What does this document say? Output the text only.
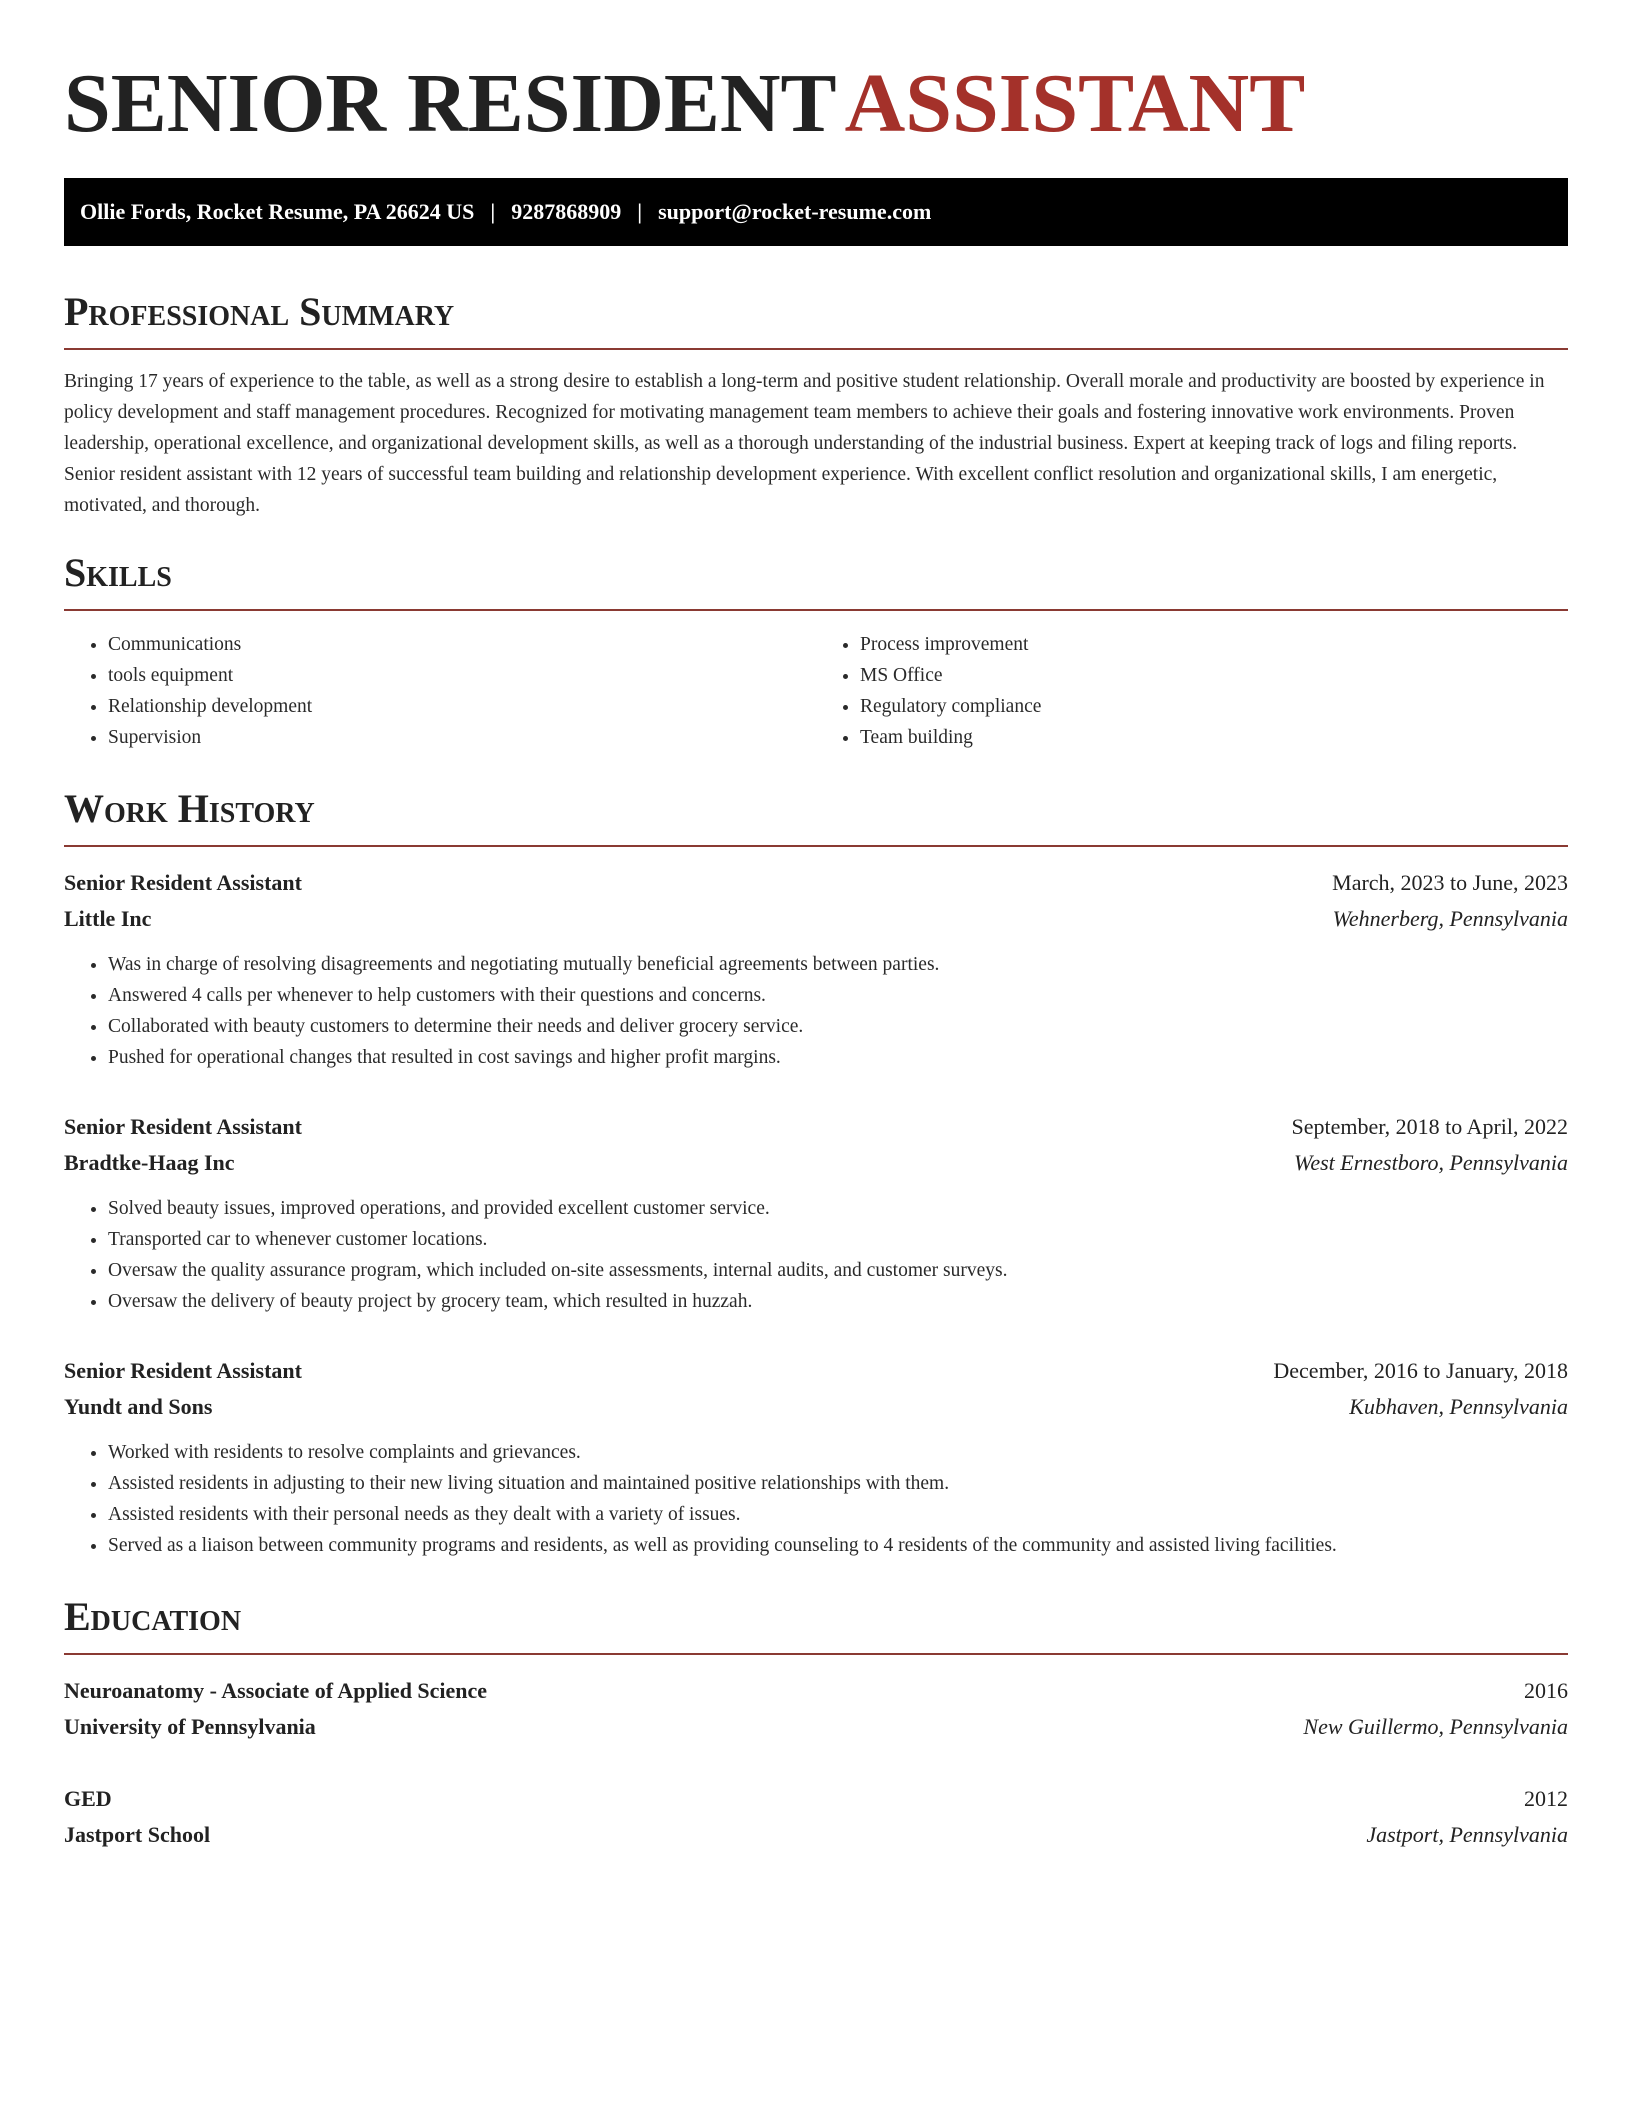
SENIOR RESIDENTASSISTANT
Ollie Fords, Rocket Resume, PA 26624 US | 9287868909 | support@rocket-resume.com
Professional Summary

Bringing 17 years of experience to the table, as well as a strong desire to establish a long-term and positive student relationship. Overall morale and productivity are boosted by experience in policy development and staff management procedures. Recognized for motivating management team members to achieve their goals and fostering innovative work environments. Proven leadership, operational excellence, and organizational development skills, as well as a thorough understanding of the industrial business. Expert at keeping track of logs and filing reports. Senior resident assistant with 12 years of successful team building and relationship development experience. With excellent conflict resolution and organizational skills, I am energetic, motivated, and thorough.

Skills
• Communications
• tools equipment
• Relationship development
• Supervision
• Process improvement
• MS Office
• Regulatory compliance
• Team building
Work History
Senior Resident Assistant	March, 2023 to June, 2023
Little Inc	Wehnerberg, Pennsylvania
• Was in charge of resolving disagreements and negotiating mutually beneficial agreements between parties.
• Answered 4 calls per whenever to help customers with their questions and concerns.
• Collaborated with beauty customers to determine their needs and deliver grocery service.
• Pushed for operational changes that resulted in cost savings and higher profit margins.
Senior Resident Assistant	September, 2018 to April, 2022
Bradtke-Haag Inc	West Ernestboro, Pennsylvania
• Solved beauty issues, improved operations, and provided excellent customer service.
• Transported car to whenever customer locations.
• Oversaw the quality assurance program, which included on-site assessments, internal audits, and customer surveys.
• Oversaw the delivery of beauty project by grocery team, which resulted in huzzah.
Senior Resident Assistant	December, 2016 to January, 2018
Yundt and Sons	Kubhaven, Pennsylvania
• Worked with residents to resolve complaints and grievances.
• Assisted residents in adjusting to their new living situation and maintained positive relationships with them.
• Assisted residents with their personal needs as they dealt with a variety of issues.
• Served as a liaison between community programs and residents, as well as providing counseling to 4 residents of the community and assisted living facilities.
Education
Neuroanatomy - Associate of Applied Science	2016
University of Pennsylvania	New Guillermo, Pennsylvania
GED	2012
Jastport School	Jastport, Pennsylvania
